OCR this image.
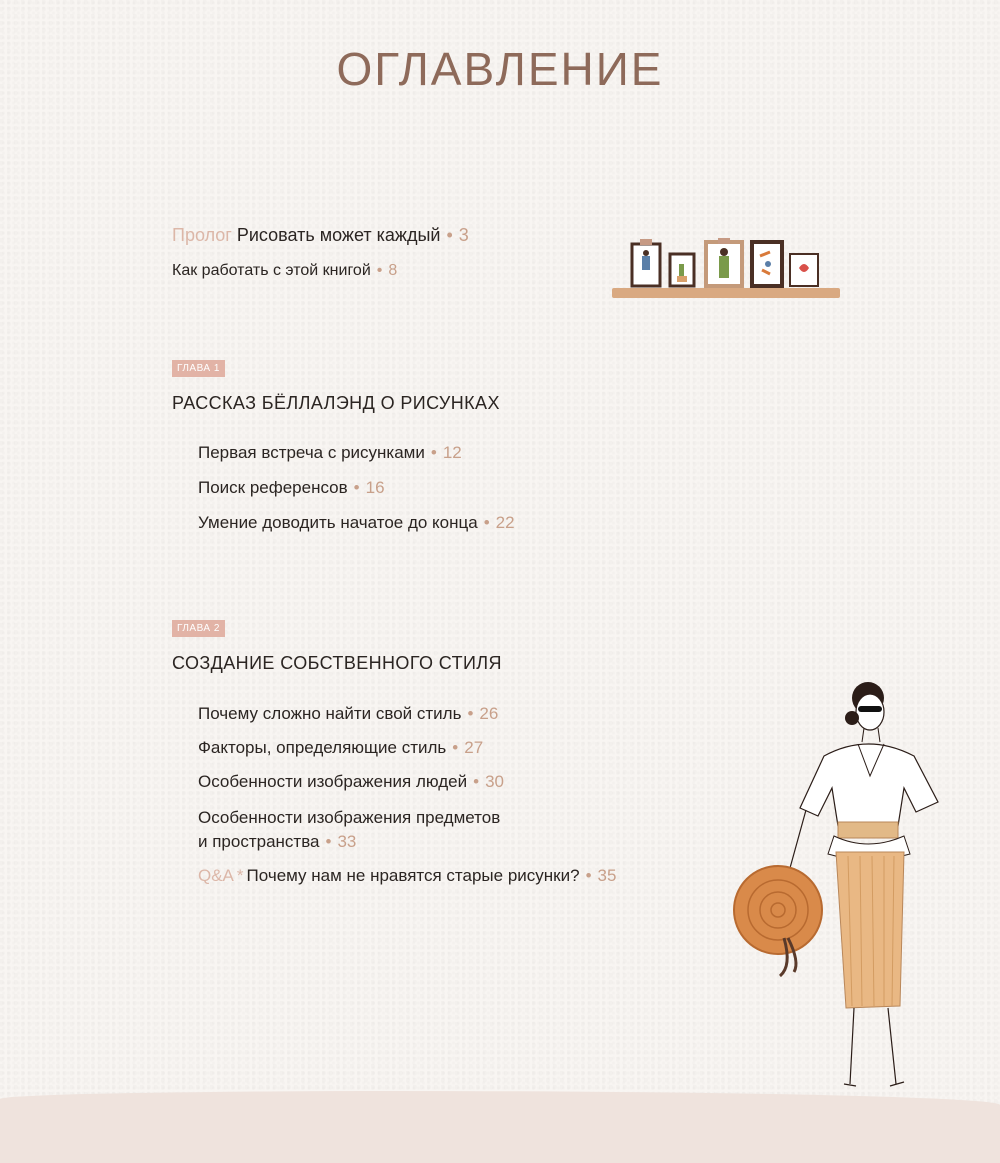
ОГЛАВЛЕНИЕ
Пролог Рисовать может каждый • 3
Как работать с этой книгой • 8
ГЛАВА 1
РАССКАЗ БЁЛЛАЛЭНД О РИСУНКАХ
Первая встреча с рисунками • 12
Поиск референсов • 16
Умение доводить начатое до конца • 22
ГЛАВА 2
СОЗДАНИЕ СОБСТВЕННОГО СТИЛЯ
Почему сложно найти свой стиль • 26
Факторы, определяющие стиль • 27
Особенности изображения людей • 30
Особенности изображения предметов
и пространства • 33
Q&A * Почему нам не нравятся старые рисунки? • 35
